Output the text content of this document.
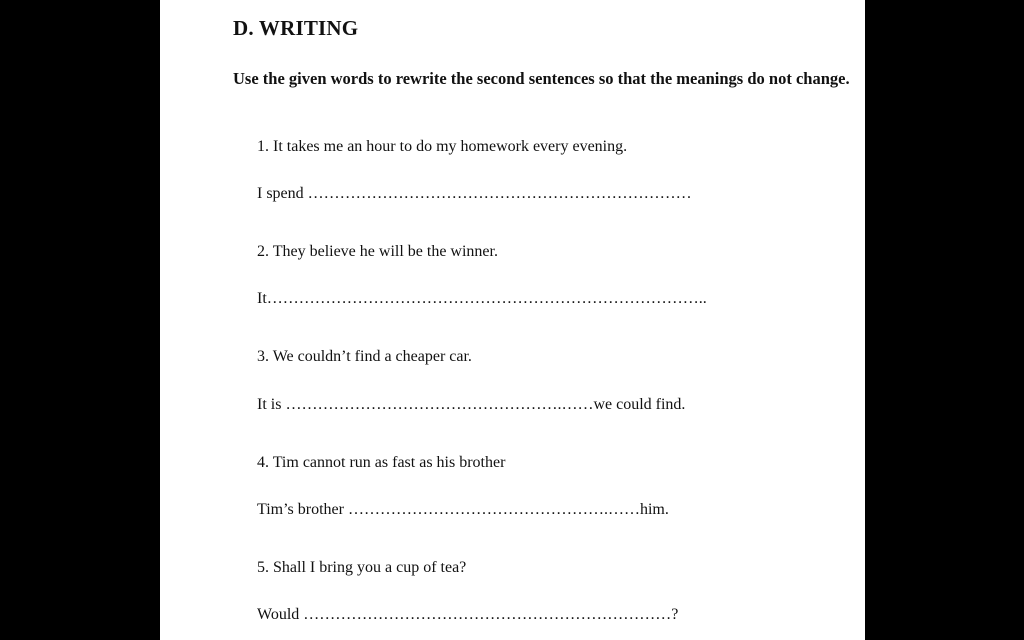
D. WRITING
Use the given words to rewrite the second sentences so that the meanings do not change.
1. It takes me an hour to do my homework every evening.
I spend ………………………………………………………………
2. They believe he will be the winner.
It………………………………………………………………………..
3. We couldn’t find a cheaper car.
It is …………………………………………….……we could find.
4. Tim cannot run as fast as his brother
Tim’s brother ………………………………………….……him.
5. Shall I bring you a cup of tea?
Would ……………………………………………………………?
